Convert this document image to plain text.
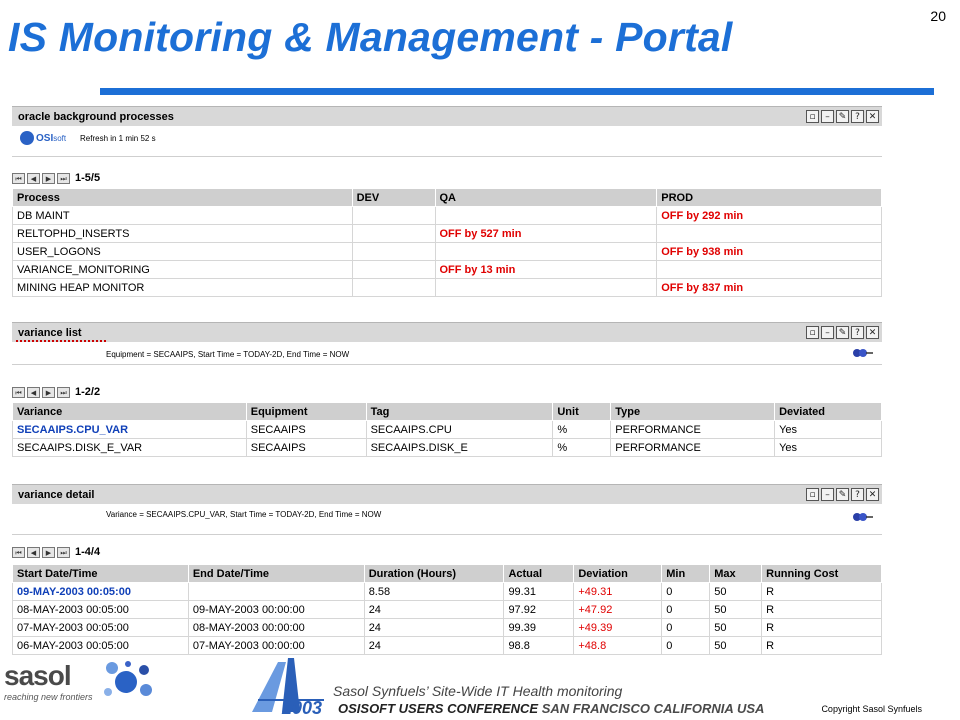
IS Monitoring & Management - Portal	20
oracle background processes	▫	– ✎ ? ✕
OSI soft Refresh in 1 min 52 s
⏮	◀	▶	⏭ 1-5/5
Process	DEV	QA	PROD
DB MAINT			OFF by 292 min
RELTOPHD_INSERTS		OFF by 527 min	
USER_LOGONS			OFF by 938 min
VARIANCE_MONITORING		OFF by 13 min	
MINING HEAP MONITOR			OFF by 837 min
variance list	▫	– ✎ ? ✕
Equipment = SECAAIPS, Start Time = TODAY-2D, End Time = NOW
⏮	◀	▶	⏭ 1-2/2
Variance	Equipment	Tag	Unit	Type	Deviated
SECAAIPS.CPU_VAR	SECAAIPS	SECAAIPS.CPU	%	PERFORMANCE	Yes
SECAAIPS.DISK_E_VAR	SECAAIPS	SECAAIPS.DISK_E	%	PERFORMANCE	Yes
variance detail	▫	– ✎ ? ✕
Variance = SECAAIPS.CPU_VAR, Start Time = TODAY-2D, End Time = NOW
⏮	◀	▶	⏭ 1-4/4
Start Date/Time	End Date/Time	Duration (Hours)	Actual	Deviation	Min	Max	Running Cost
09-MAY-2003 00:05:00		8.58	99.31	+49.31	0	50	R
08-MAY-2003 00:05:00	09-MAY-2003 00:00:00	24	97.92	+47.92	0	50	R
07-MAY-2003 00:05:00	08-MAY-2003 00:00:00	24	99.39	+49.39	0	50	R
06-MAY-2003 00:05:00	07-MAY-2003 00:00:00	24	98.8	+48.8	0	50	R
sasol
reaching new frontiers	Sasol Synfuels’ Site-Wide IT Health monitoring
2003 OSISOFT USERS CONFERENCE SAN FRANCISCO CALIFORNIA USA	Copyright Sasol Synfuels
